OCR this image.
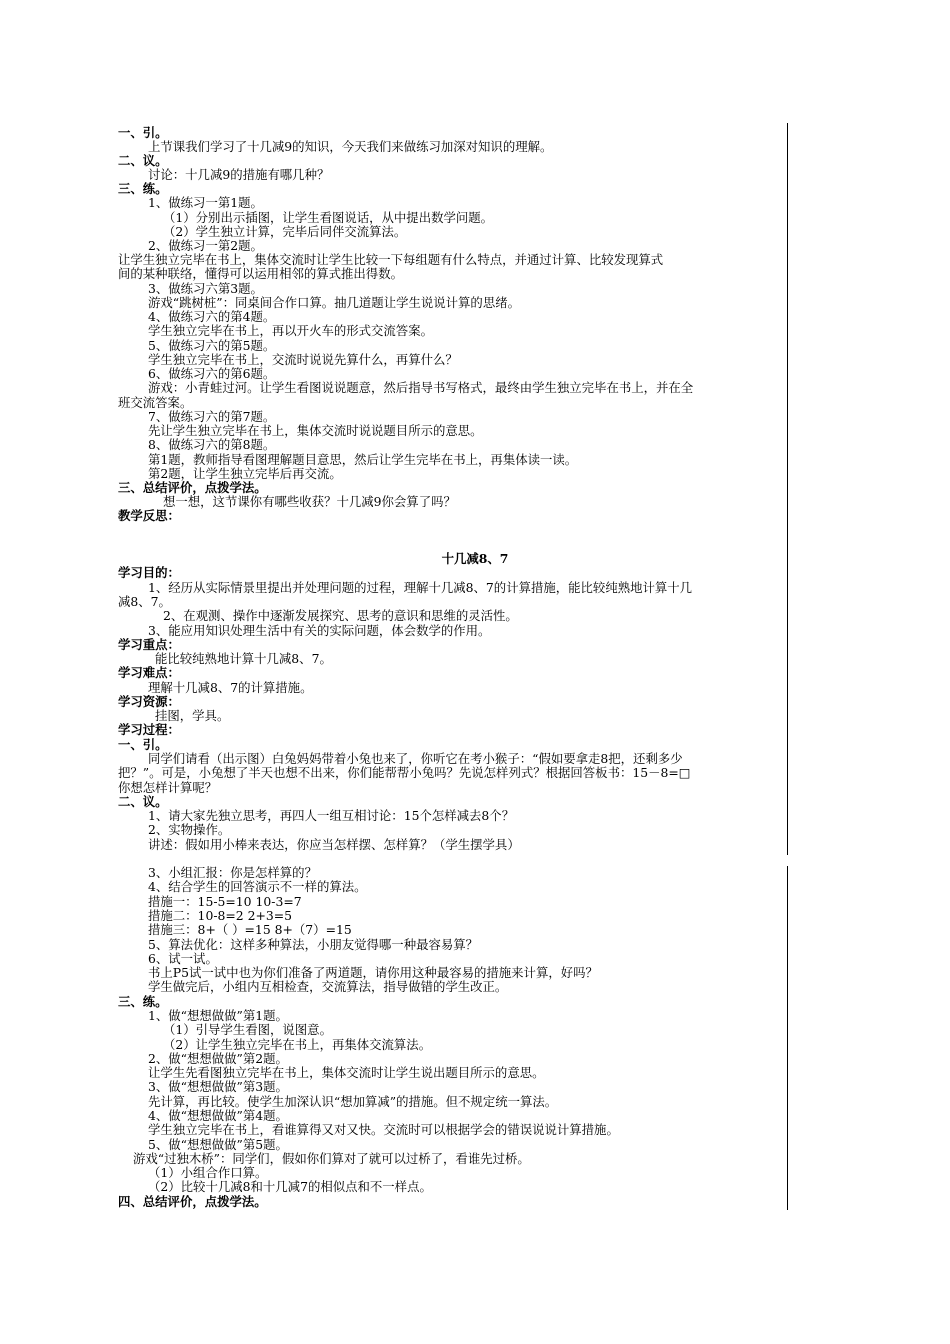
一、引。
上节课我们学习了十几减9的知识，今天我们来做练习加深对知识的理解。
二、议。
讨论：十几减9的措施有哪几种？
三、练。
1、做练习一第1题。
（1）分别出示插图，让学生看图说话，从中提出数学问题。
（2）学生独立计算，完毕后同伴交流算法。
2、做练习一第2题。
让学生独立完毕在书上，集体交流时让学生比较一下每组题有什么特点，并通过计算、比较发现算式
间的某种联络，懂得可以运用相邻的算式推出得数。
3、做练习六第3题。
游戏“跳树桩”：同桌间合作口算。抽几道题让学生说说计算的思绪。
4、做练习六的第4题。
学生独立完毕在书上，再以开火车的形式交流答案。
5、做练习六的第5题。
学生独立完毕在书上，交流时说说先算什么，再算什么？
6、做练习六的第6题。
游戏：小青蛙过河。让学生看图说说题意，然后指导书写格式，最终由学生独立完毕在书上，并在全
班交流答案。
7、做练习六的第7题。
先让学生独立完毕在书上，集体交流时说说题目所示的意思。
8、做练习六的第8题。
第1题，教师指导看图理解题目意思，然后让学生完毕在书上，再集体读一读。
第2题，让学生独立完毕后再交流。
三、总结评价，点拨学法。
想一想，这节课你有哪些收获？十几减9你会算了吗？
教学反思：
十几减8、7
学习目的：
1、经历从实际情景里提出并处理问题的过程，理解十几减8、7的计算措施，能比较纯熟地计算十几
减8、7。
2、在观测、操作中逐渐发展探究、思考的意识和思维的灵活性。
3、能应用知识处理生活中有关的实际问题，体会数学的作用。
学习重点：
能比较纯熟地计算十几减8、7。
学习难点：
理解十几减8、7的计算措施。
学习资源：
挂图，学具。
学习过程：
一、引。
同学们请看（出示图）白兔妈妈带着小兔也来了，你听它在考小猴子：“假如要拿走8把，还剩多少
把？”。可是，小兔想了半天也想不出来，你们能帮帮小兔吗？先说怎样列式？根据回答板书：15－8=□
你想怎样计算呢？
二、议。
1、请大家先独立思考，再四人一组互相讨论：15个怎样减去8个？
2、实物操作。
讲述：假如用小棒来表达，你应当怎样摆、怎样算？（学生摆学具）
3、小组汇报：你是怎样算的？
4、结合学生的回答演示不一样的算法。
措施一：15-5=10 10-3=7
措施二：10-8=2 2+3=5
措施三：8+（ ）=15 8+（7）=15
5、算法优化：这样多种算法，小朋友觉得哪一种最容易算？
6、试一试。
书上P5试一试中也为你们准备了两道题，请你用这种最容易的措施来计算，好吗？
学生做完后，小组内互相检查，交流算法，指导做错的学生改正。
三、练。
1、做“想想做做”第1题。
（1）引导学生看图，说图意。
（2）让学生独立完毕在书上，再集体交流算法。
2、做“想想做做”第2题。
让学生先看图独立完毕在书上，集体交流时让学生说出题目所示的意思。
3、做“想想做做”第3题。
先计算，再比较。使学生加深认识“想加算减”的措施。但不规定统一算法。
4、做“想想做做”第4题。
学生独立完毕在书上，看谁算得又对又快。交流时可以根据学会的错误说说计算措施。
5、做“想想做做”第5题。
游戏“过独木桥”：同学们，假如你们算对了就可以过桥了，看谁先过桥。
（1）小组合作口算。
（2）比较十几减8和十几减7的相似点和不一样点。
四、总结评价，点拨学法。
